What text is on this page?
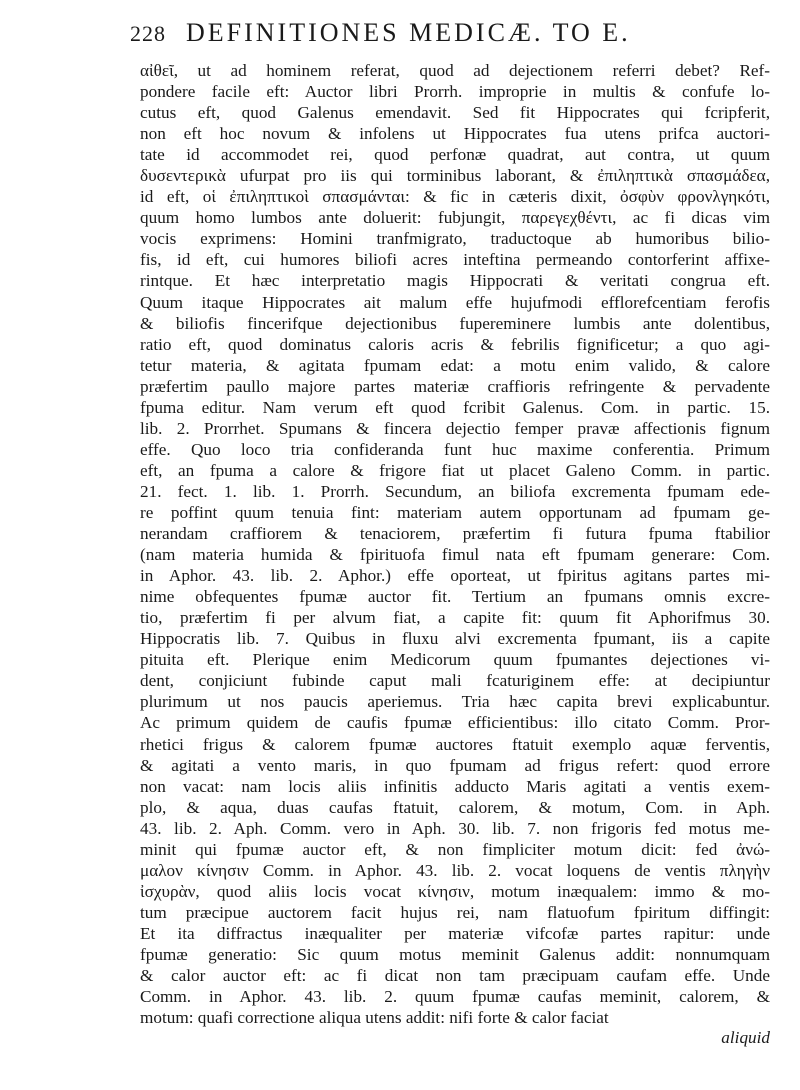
228 DEFINITIONES MEDICÆ. TO E.
αἰθεῖ, ut ad hominem referat, quod ad dejectionem referri debet? Ref-
pondere facile eft: Auctor libri Prorrh. improprie in multis & confufe lo-
cutus eft, quod Galenus emendavit. Sed fit Hippocrates qui fcripferit,
non eft hoc novum & infolens ut Hippocrates fua utens prifca auctori-
tate id accommodet rei, quod perfonæ quadrat, aut contra, ut quum
δυσεντερικὰ ufurpat pro iis qui torminibus laborant, & ἐπιληπτικὰ σπασμάδεα,
id eft, οἱ ἐπιληπτικοὶ σπασμάνται: & fic in cæteris dixit, ὀσφὺν φρονλγηκότι,
quum homo lumbos ante doluerit: fubjungit, παρεγεχθέντι, ac fi dicas vim
vocis exprimens: Homini tranfmigrato, traductoque ab humoribus bilio-
fis, id eft, cui humores biliofi acres inteftina permeando contorferint affixe-
rintque. Et hæc interpretatio magis Hippocrati & veritati congrua eft.
Quum itaque Hippocrates ait malum effe hujufmodi efflorefcentiam ferofis
& biliofis fincerifque dejectionibus fupereminere lumbis ante dolentibus,
ratio eft, quod dominatus caloris acris & febrilis fignificetur; a quo agi-
tetur materia, & agitata fpumam edat: a motu enim valido, & calore
præfertim paullo majore partes materiæ craffioris refringente & pervadente
fpuma editur. Nam verum eft quod fcribit Galenus. Com. in partic. 15.
lib. 2. Prorrhet. Spumans & fincera dejectio femper pravæ affectionis fignum
effe. Quo loco tria confideranda funt huc maxime conferentia. Primum
eft, an fpuma a calore & frigore fiat ut placet Galeno Comm. in partic.
21. fect. 1. lib. 1. Prorrh. Secundum, an biliofa excrementa fpumam ede-
re poffint quum tenuia fint: materiam autem opportunam ad fpumam ge-
nerandam craffiorem & tenaciorem, præfertim fi futura fpuma ftabilior
(nam materia humida & fpirituofa fimul nata eft fpumam generare: Com.
in Aphor. 43. lib. 2. Aphor.) effe oporteat, ut fpiritus agitans partes mi-
nime obfequentes fpumæ auctor fit. Tertium an fpumans omnis excre-
tio, præfertim fi per alvum fiat, a capite fit: quum fit Aphorifmus 30.
Hippocratis lib. 7. Quibus in fluxu alvi excrementa fpumant, iis a capite
pituita eft. Plerique enim Medicorum quum fpumantes dejectiones vi-
dent, conjiciunt fubinde caput mali fcaturiginem effe: at decipiuntur
plurimum ut nos paucis aperiemus. Tria hæc capita brevi explicabuntur.
Ac primum quidem de caufis fpumæ efficientibus: illo citato Comm. Pror-
rhetici frigus & calorem fpumæ auctores ftatuit exemplo aquæ ferventis,
& agitati a vento maris, in quo fpumam ad frigus refert: quod errore
non vacat: nam locis aliis infinitis adducto Maris agitati a ventis exem-
plo, & aqua, duas caufas ftatuit, calorem, & motum, Com. in Aph.
43. lib. 2. Aph. Comm. vero in Aph. 30. lib. 7. non frigoris fed motus me-
minit qui fpumæ auctor eft, & non fimpliciter motum dicit: fed ἀνώ-
μαλον κίνησιν Comm. in Aphor. 43. lib. 2. vocat loquens de ventis πληγὴν
ἰσχυρὰν, quod aliis locis vocat κίνησιν, motum inæqualem: immo & mo-
tum præcipue auctorem facit hujus rei, nam flatuofum fpiritum diffingit:
Et ita diffractus inæqualiter per materiæ vifcofæ partes rapitur: unde
fpumæ generatio: Sic quum motus meminit Galenus addit: nonnumquam
& calor auctor eft: ac fi dicat non tam præcipuam caufam effe. Unde
Comm. in Aphor. 43. lib. 2. quum fpumæ caufas meminit, calorem, &
motum: quafi correctione aliqua utens addit: nifi forte & calor faciat
aliquid
